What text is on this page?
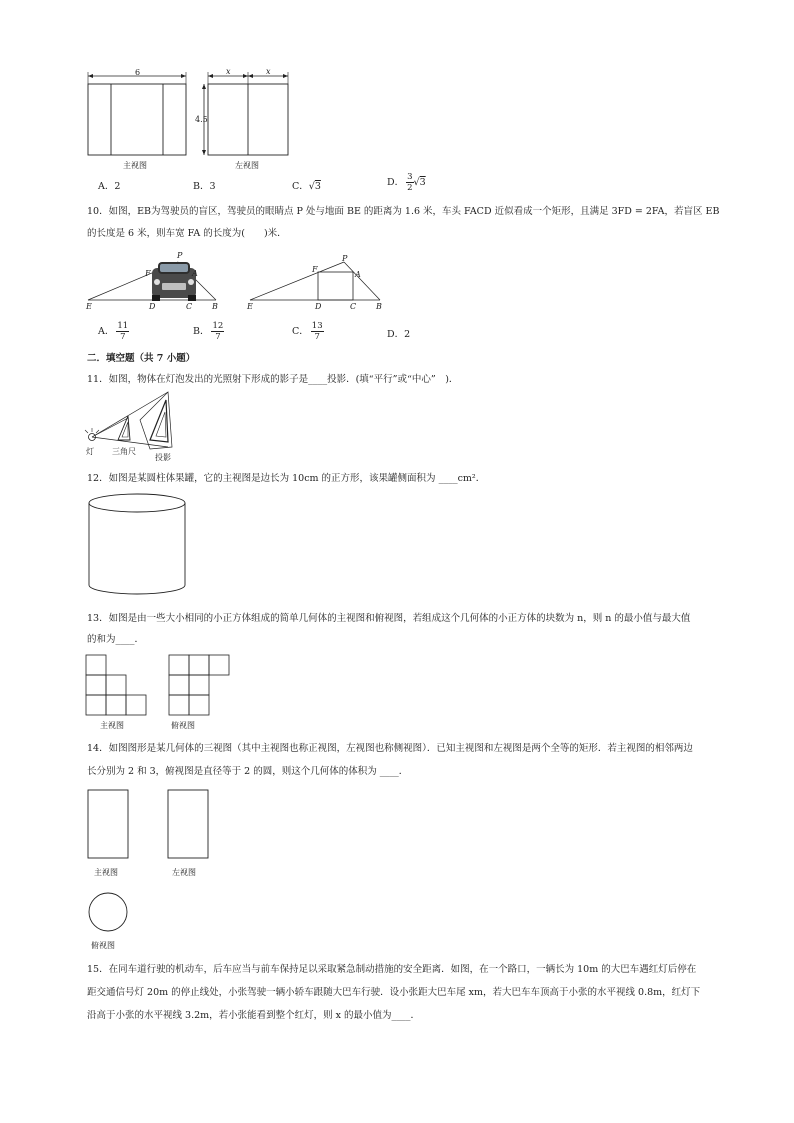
6	x	x
4.5
主视图	左视图
A．2	B．3	C．√3	D． $\frac{3}{2} √3$
10．如图，EB为驾驶员的盲区，驾驶员的眼睛点 P 处与地面 BE 的距离为 1.6 米，车头 FACD 近似看成一个矩形，且满足 3FD = 2FA，若盲区 EB
的长度是 6 米，则车宽 FA 的长度为(　　)米．
P
F	A
E	D	C B
P
F
A
E	D	C B
A． $\frac{11}{7}$	B． $\frac{12}{7}$	C． $\frac{13}{7}$	D．2
二．填空题（共 7 小题）
11．如图，物体在灯泡发出的光照射下形成的影子是____投影．(填“平行”或“中心”　)．
灯 三角尺
投影
12．如图是某圆柱体果罐，它的主视图是边长为 10cm 的正方形，该果罐侧面积为 ____cm²．
13．如图是由一些大小相同的小正方体组成的简单几何体的主视图和俯视图，若组成这个几何体的小正方体的块数为 n，则 n 的最小值与最大值
的和为____．
主视图	俯视图
14．如图图形是某几何体的三视图（其中主视图也称正视图，左视图也称侧视图）．已知主视图和左视图是两个全等的矩形．若主视图的相邻两边
长分别为 2 和 3，俯视图是直径等于 2 的圆，则这个几何体的体积为 ____．
主视图	左视图
俯视图
15．在同车道行驶的机动车，后车应当与前车保持足以采取紧急制动措施的安全距离．如图，在一个路口，一辆长为 10m 的大巴车遇红灯后停在
距交通信号灯 20m 的停止线处，小张驾驶一辆小轿车跟随大巴车行驶．设小张距大巴车尾 xm，若大巴车车顶高于小张的水平视线 0.8m，红灯下
沿高于小张的水平视线 3.2m，若小张能看到整个红灯，则 x 的最小值为____．
